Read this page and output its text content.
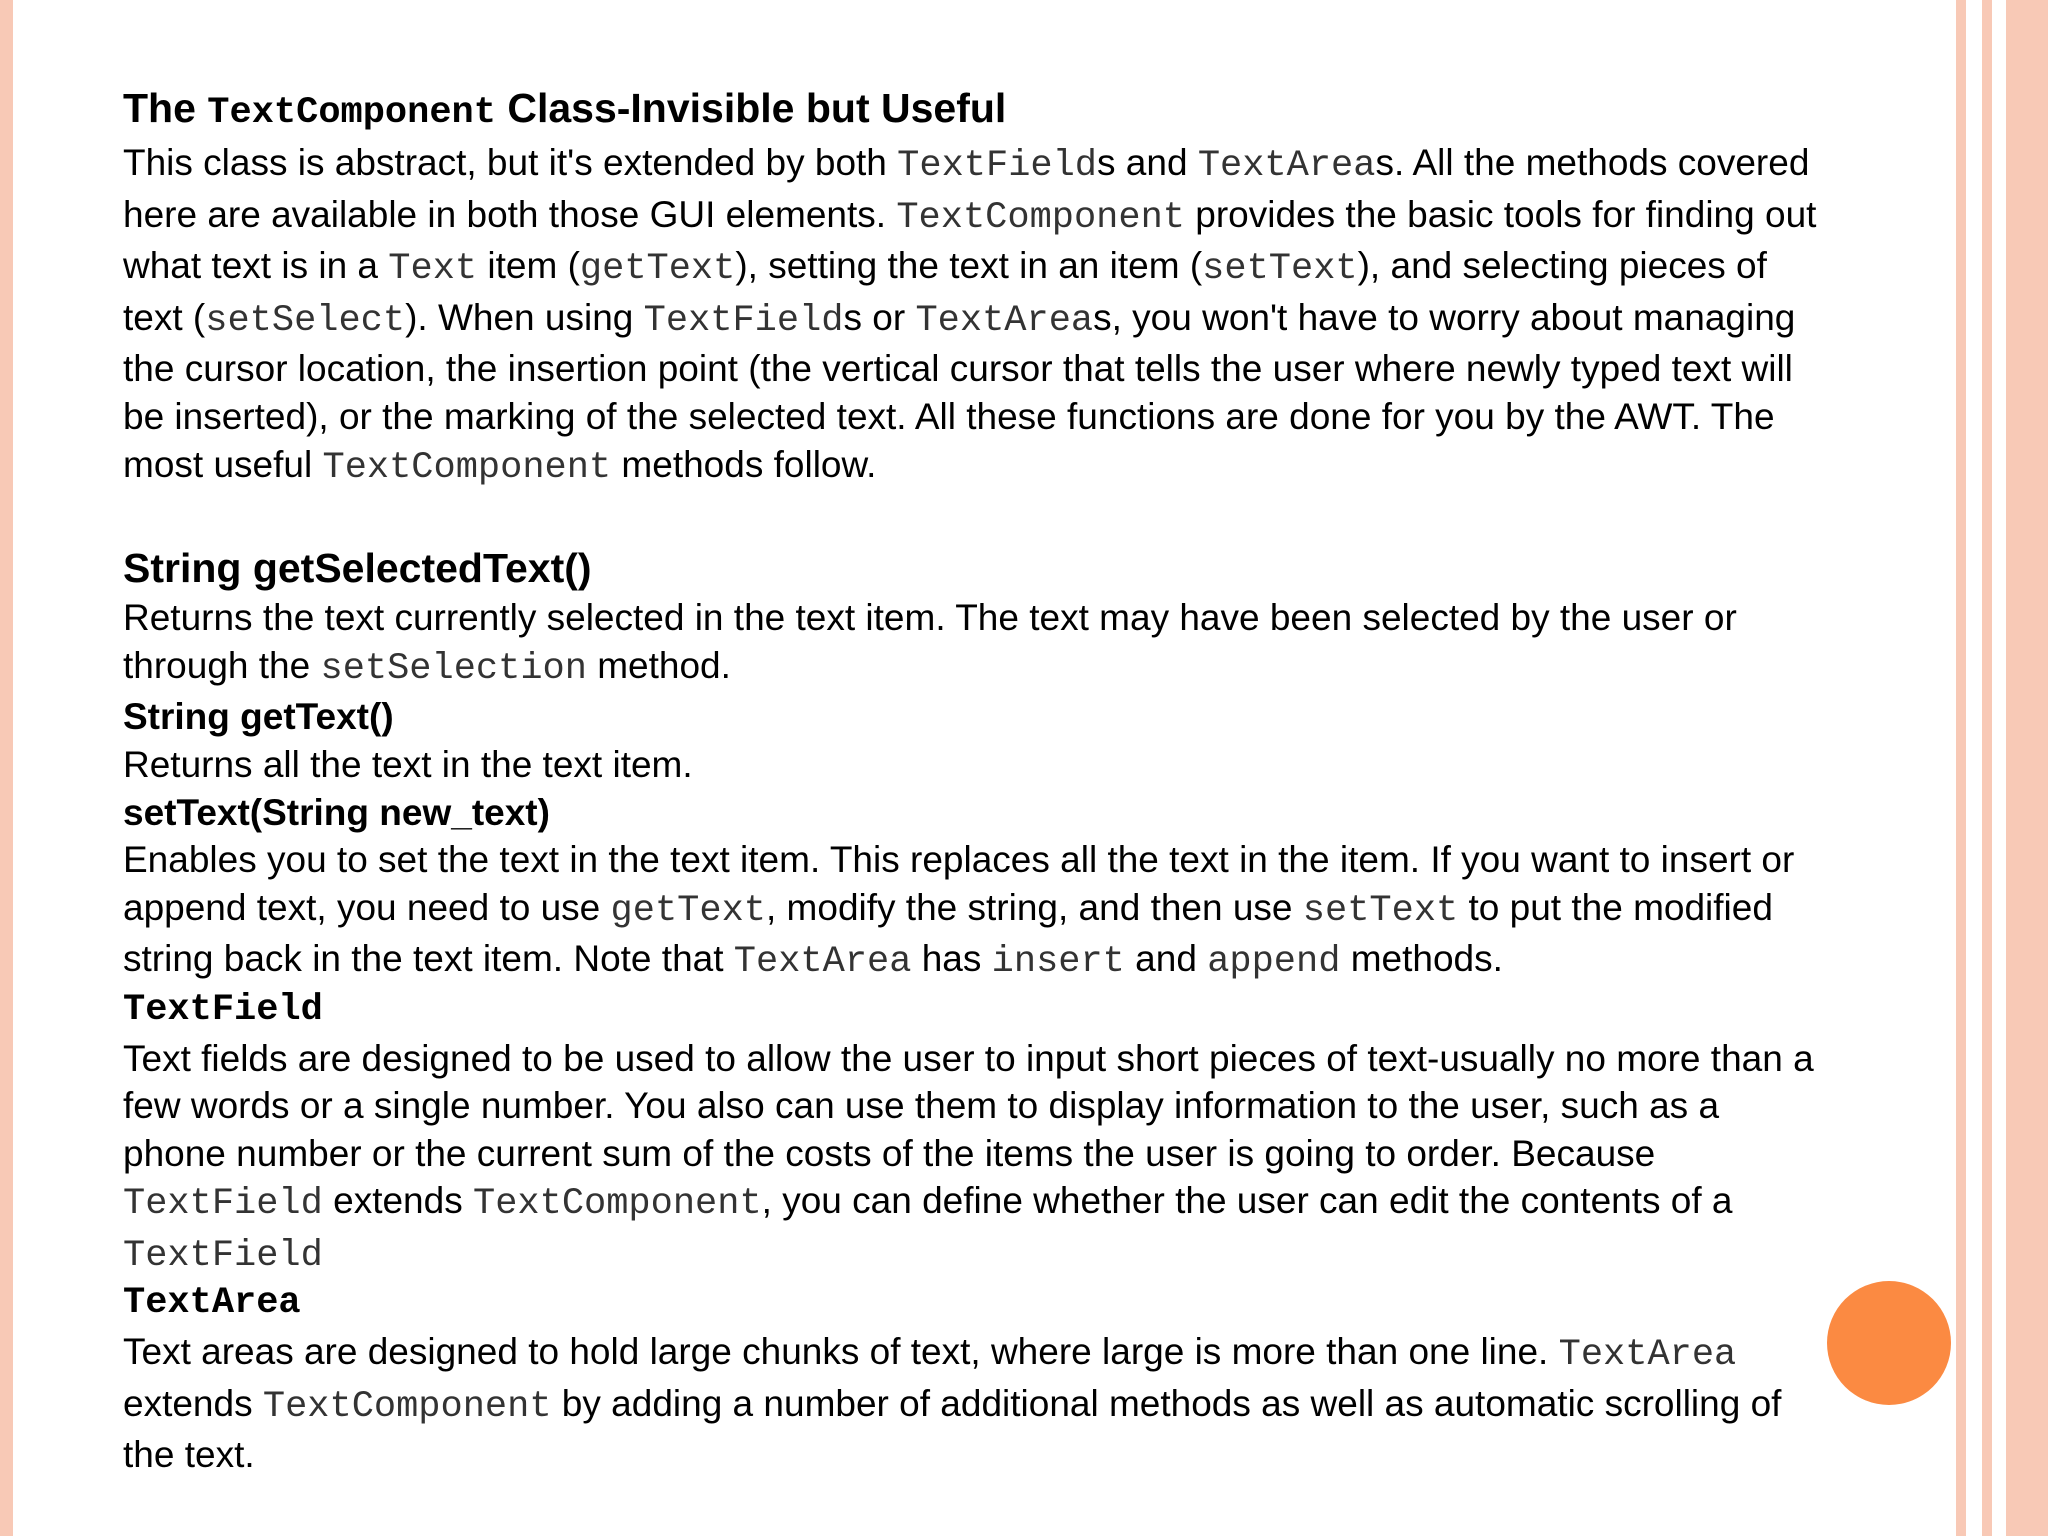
The TextComponent Class-Invisible but Useful

This class is abstract, but it's extended by both TextFields and TextAreas. All the methods covered

here are available in both those GUI elements. TextComponent provides the basic tools for finding out

what text is in a Text item (getText), setting the text in an item (setText), and selecting pieces of

text (setSelect). When using TextFields or TextAreas, you won't have to worry about managing

the cursor location, the insertion point (the vertical cursor that tells the user where newly typed text will

be inserted), or the marking of the selected text. All these functions are done for you by the AWT. The

most useful TextComponent methods follow.

String getSelectedText()

Returns the text currently selected in the text item. The text may have been selected by the user or

through the setSelection method.

String getText()

Returns all the text in the text item.

setText(String new_text)

Enables you to set the text in the text item. This replaces all the text in the item. If you want to insert or

append text, you need to use getText, modify the string, and then use setText to put the modified

string back in the text item. Note that TextArea has insert and append methods.

TextField

Text fields are designed to be used to allow the user to input short pieces of text-usually no more than a

few words or a single number. You also can use them to display information to the user, such as a

phone number or the current sum of the costs of the items the user is going to order. Because

TextField extends TextComponent, you can define whether the user can edit the contents of a

TextField

TextArea

Text areas are designed to hold large chunks of text, where large is more than one line. TextArea

extends TextComponent by adding a number of additional methods as well as automatic scrolling of

the text.
